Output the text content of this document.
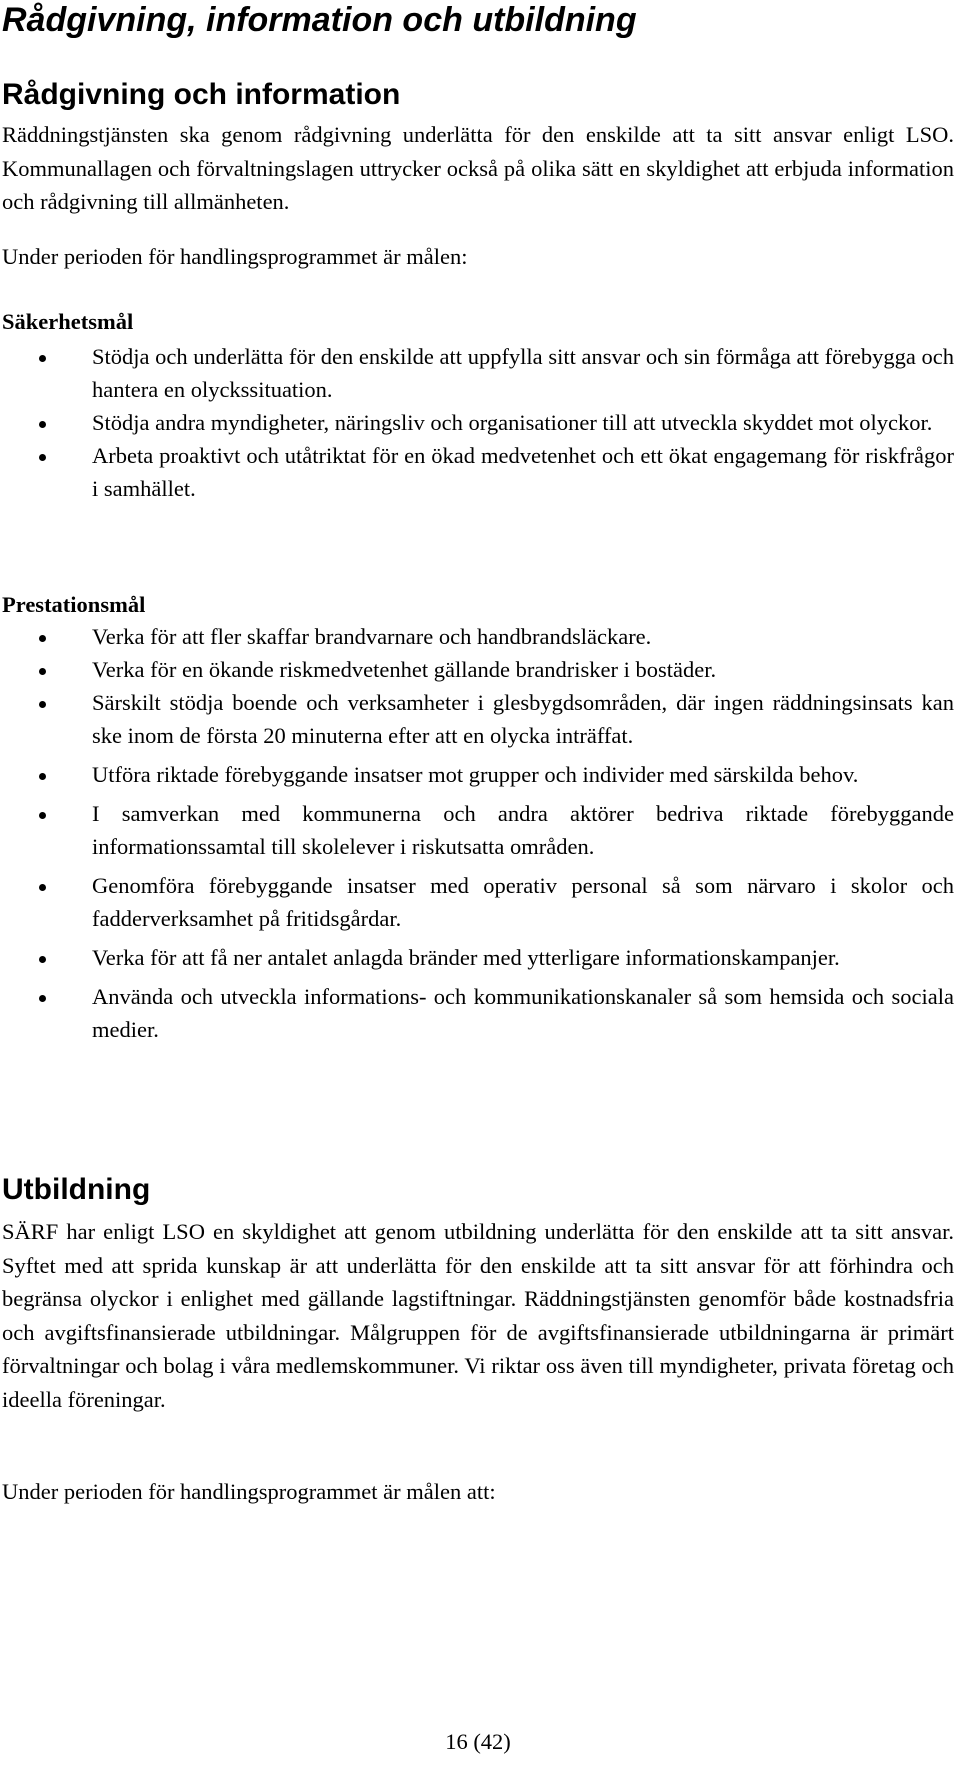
Rådgivning, information och utbildning
Rådgivning och information

Räddningstjänsten ska genom rådgivning underlätta för den enskilde att ta sitt ansvar enligt LSO. Kommunallagen och förvaltningslagen uttrycker också på olika sätt en skyldighet att erbjuda information och rådgivning till allmänheten.

Under perioden för handlingsprogrammet är målen:

Säkerhetsmål

Stödja och underlätta för den enskilde att uppfylla sitt ansvar och sin förmåga att förebygga och hantera en olyckssituation.
Stödja andra myndigheter, näringsliv och organisationer till att utveckla skyddet mot olyckor.
Arbeta proaktivt och utåtriktat för en ökad medvetenhet och ett ökat engagemang för riskfrågor i samhället.

Prestationsmål

Verka för att fler skaffar brandvarnare och handbrandsläckare.
Verka för en ökande riskmedvetenhet gällande brandrisker i bostäder.
Särskilt stödja boende och verksamheter i glesbygdsområden, där ingen räddningsinsats kan ske inom de första 20 minuterna efter att en olycka inträffat.
Utföra riktade förebyggande insatser mot grupper och individer med särskilda behov.
I samverkan med kommunerna och andra aktörer bedriva riktade förebyggande informationssamtal till skolelever i riskutsatta områden.
Genomföra förebyggande insatser med operativ personal så som närvaro i skolor och fadderverksamhet på fritidsgårdar.
Verka för att få ner antalet anlagda bränder med ytterligare informationskampanjer.
Använda och utveckla informations- och kommunikationskanaler så som hemsida och sociala medier.
Utbildning

SÄRF har enligt LSO en skyldighet att genom utbildning underlätta för den enskilde att ta sitt ansvar. Syftet med att sprida kunskap är att underlätta för den enskilde att ta sitt ansvar för att förhindra och begränsa olyckor i enlighet med gällande lagstiftningar. Räddningstjänsten genomför både kostnadsfria och avgiftsfinansierade utbildningar. Målgruppen för de avgiftsfinansierade utbildningarna är primärt förvaltningar och bolag i våra medlemskommuner. Vi riktar oss även till myndigheter, privata företag och ideella föreningar.

Under perioden för handlingsprogrammet är målen att:

16 (42)
